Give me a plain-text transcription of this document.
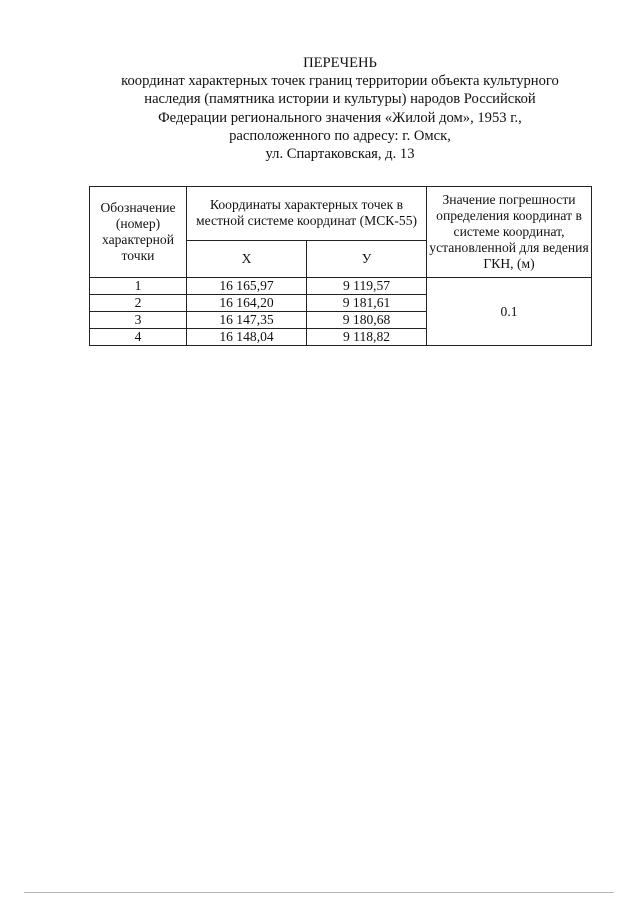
ПЕРЕЧЕНЬ
координат характерных точек границ территории объекта культурного
наследия (памятника истории и культуры) народов Российской
Федерации регионального значения «Жилой дом», 1953 г.,
расположенного по адресу: г. Омск,
ул. Спартаковская, д. 13
Обозначение (номер) характерной точки	Координаты характерных точек в местной системе координат (МСК-55)		Значение погрешности определения координат в системе координат, установленной для ведения ГКН, (м)
	Х	У	
1	16 165,97	9 119,57	0.1
2	16 164,20	9 181,61	
3	16 147,35	9 180,68	
4	16 148,04	9 118,82	
